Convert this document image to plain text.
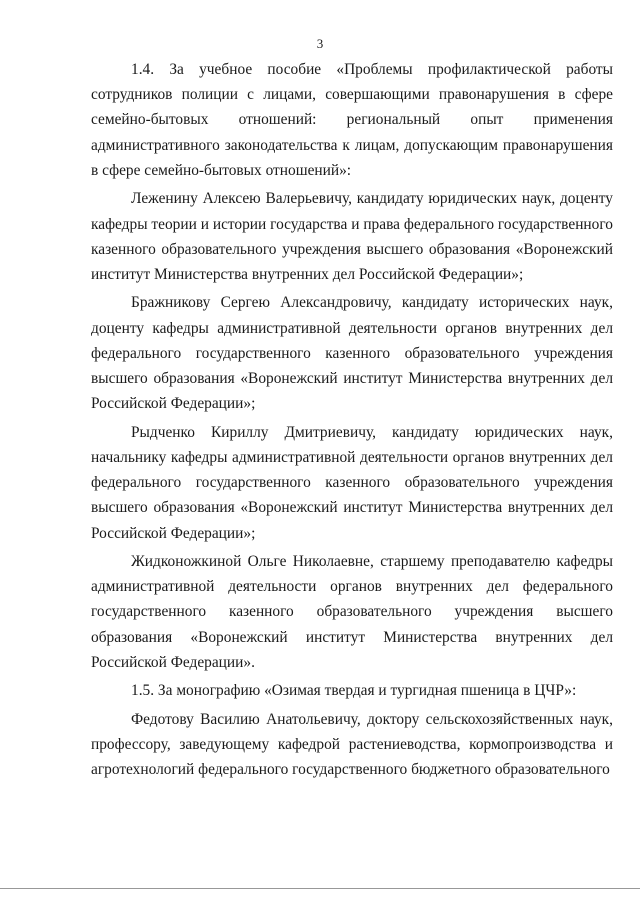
3

1.4. За учебное пособие «Проблемы профилактической работы сотрудников полиции с лицами, совершающими правонарушения в сфере семейно-бытовых отношений: региональный опыт применения административного законодательства к лицам, допускающим правонарушения в сфере семейно-бытовых отношений»:

Леженину Алексею Валерьевичу, кандидату юридических наук, доценту кафедры теории и истории государства и права федерального государственного казенного образовательного учреждения высшего образования «Воронежский институт Министерства внутренних дел Российской Федерации»;

Бражникову Сергею Александровичу, кандидату исторических наук, доценту кафедры административной деятельности органов внутренних дел федерального государственного казенного образовательного учреждения высшего образования «Воронежский институт Министерства внутренних дел Российской Федерации»;

Рыдченко Кириллу Дмитриевичу, кандидату юридических наук, начальнику кафедры административной деятельности органов внутренних дел федерального государственного казенного образовательного учреждения высшего образования «Воронежский институт Министерства внутренних дел Российской Федерации»;

Жидконожкиной Ольге Николаевне, старшему преподавателю кафедры административной деятельности органов внутренних дел федерального государственного казенного образовательного учреждения высшего образования «Воронежский институт Министерства внутренних дел Российской Федерации».

1.5. За монографию «Озимая твердая и тургидная пшеница в ЦЧР»:

Федотову Василию Анатольевичу, доктору сельскохозяйственных наук, профессору, заведующему кафедрой растениеводства, кормопроизводства и агротехнологий федерального государственного бюджетного образовательного
